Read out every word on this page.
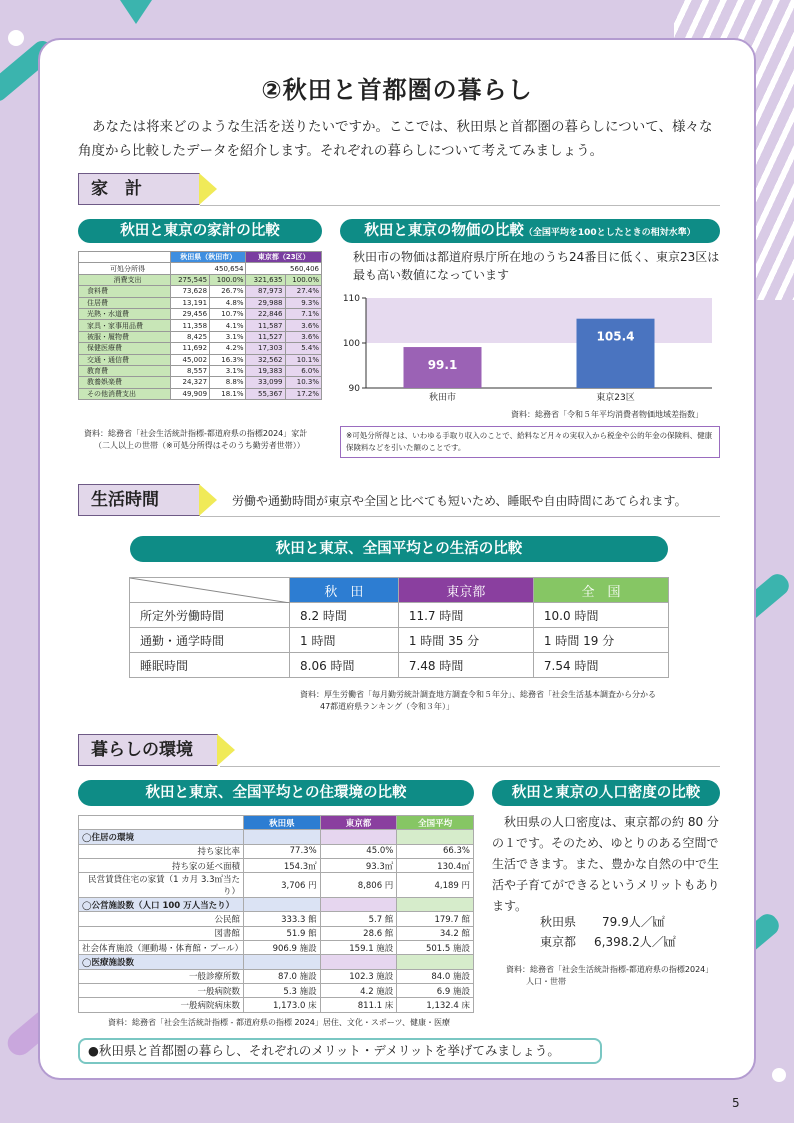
②秋田と首都圏の暮らし
あなたは将来どのような生活を送りたいですか。ここでは、秋田県と首都圏の暮らしについて、様々な角度から比較したデータを紹介します。それぞれの暮らしについて考えてみましょう。
家　計
秋田と東京の家計の比較
	秋田県（秋田市）		東京都（23区）	
可処分所得	450,654		560,406	
消費支出	275,545	100.0%	321,635	100.0%
食料費	73,628	26.7%	87,973	27.4%
住居費	13,191	4.8%	29,988	9.3%
光熱・水道費	29,456	10.7%	22,846	7.1%
家具・家事用品費	11,358	4.1%	11,587	3.6%
被服・履物費	8,425	3.1%	11,527	3.6%
保健医療費	11,692	4.2%	17,303	5.4%
交通・通信費	45,002	16.3%	32,562	10.1%
教育費	8,557	3.1%	19,383	6.0%
教養娯楽費	24,327	8.8%	33,099	10.3%
その他消費支出	49,909	18.1%	55,367	17.2%
資料：総務省「社会生活統計指標-都道府県の指標2024」家計
（二人以上の世帯（※可処分所得はそのうち勤労者世帯））
秋田と東京の物価の比較（全国平均を100としたときの相対水準）
秋田市の物価は都道府県庁所在地のうち24番目に低く、東京23区は最も高い数値になっています
90
100
110
99.1
秋田市
105.4
東京23区
資料：総務省「令和５年平均消費者物価地域差指数」
※可処分所得とは、いわゆる手取り収入のことで、給料など月々の実収入から税金や公的年金の保険料、健康保険料などを引いた額のことです。
生活時間	労働や通勤時間が東京や全国と比べても短いため、睡眠や自由時間にあてられます。
秋田と東京、全国平均との生活の比較
	秋　田	東京都	全　国
所定外労働時間	8.2 時間	11.7 時間	10.0 時間
通勤・通学時間	1 時間	1 時間 35 分	1 時間 19 分
睡眠時間	8.06 時間	7.48 時間	7.54 時間
資料：厚生労働省「毎月勤労統計調査地方調査令和５年分」、総務省「社会生活基本調査から分かる
47都道府県ランキング（令和３年）」
暮らしの環境
秋田と東京、全国平均との住環境の比較
	秋田県	東京都	全国平均
◯住居の環境			
持ち家比率	77.3%	45.0%	66.3%
持ち家の延べ面積	154.3㎡	93.3㎡	130.4㎡
民営賃貸住宅の家賃（1 カ月 3.3㎡当たり）	3,706 円	8,806 円	4,189 円
◯公営施設数（人口 100 万人当たり）			
公民館	333.3 館	5.7 館	179.7 館
図書館	51.9 館	28.6 館	34.2 館
社会体育施設（運動場・体育館・プール）	906.9 施設	159.1 施設	501.5 施設
◯医療施設数			
一般診療所数	87.0 施設	102.3 施設	84.0 施設
一般病院数	5.3 施設	4.2 施設	6.9 施設
一般病院病床数	1,173.0 床	811.1 床	1,132.4 床
資料：総務省「社会生活統計指標 - 都道府県の指標 2024」居住、文化・スポーツ、健康・医療
秋田と東京の人口密度の比較
秋田県の人口密度は、東京都の約 80 分の１です。そのため、ゆとりのある空間で生活できます。また、豊かな自然の中で生活や子育てができるというメリットもあります。
秋田県 79.9人／㎢
東京都 6,398.2人／㎢
資料：総務省「社会生活統計指標-都道府県の指標2024」
人口・世帯
●秋田県と首都圏の暮らし、それぞれのメリット・デメリットを挙げてみましょう。
5
